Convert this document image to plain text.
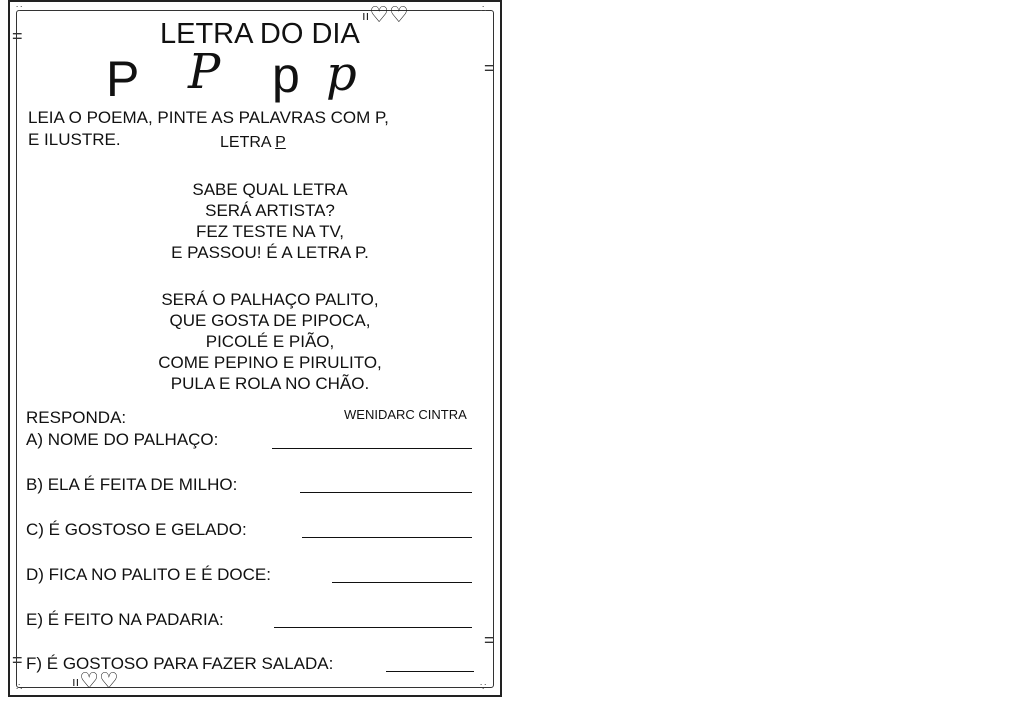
∵	∴
∴	∵
=
=
=
=
LETRA DO DIA
ıı♡♡
P P p p
LEIA O POEMA, PINTE AS PALAVRAS COM P,
E ILUSTRE.	LETRA P
SABE QUAL LETRA
SERÁ ARTISTA?
FEZ TESTE NA TV,
E PASSOU! É A LETRA P.
SERÁ O PALHAÇO PALITO,
QUE GOSTA DE PIPOCA,
PICOLÉ E PIÃO,
COME PEPINO E PIRULITO,
PULA E ROLA NO CHÃO.
WENIDARC CINTRA
RESPONDA:
A) NOME DO PALHAÇO:
B) ELA É FEITA DE MILHO:
C) É GOSTOSO E GELADO:
D) FICA NO PALITO E É DOCE:
E) É FEITO NA PADARIA:
F) É GOSTOSO PARA FAZER SALADA:
ıı♡♡
